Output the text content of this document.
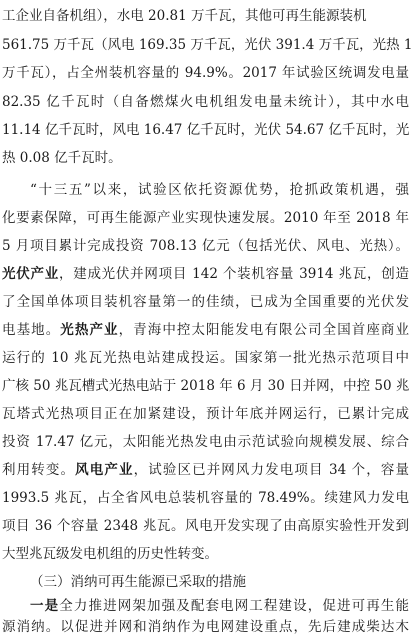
工企业自备机组），水电 20.81 万千瓦，其他可再生能源装机
561.75 万千瓦（风电 169.35 万千瓦，光伏 391.4 万千瓦，光热 1
万千瓦），占全州装机容量的 94.9%。2017 年试验区统调发电量
82.35 亿千瓦时（自备燃煤火电机组发电量未统计），其中水电
11.14 亿千瓦时，风电 16.47 亿千瓦时，光伏 54.67 亿千瓦时，光
热 0.08 亿千瓦时。
“十三五”以来，试验区依托资源优势，抢抓政策机遇，强
化要素保障，可再生能源产业实现快速发展。2010 年至 2018 年
5 月项目累计完成投资 708.13 亿元（包括光伏、风电、光热）。
光伏产业，建成光伏并网项目 142 个装机容量 3914 兆瓦，创造
了全国单体项目装机容量第一的佳绩，已成为全国重要的光伏发
电基地。光热产业，青海中控太阳能发电有限公司全国首座商业
运行的 10 兆瓦光热电站建成投运。国家第一批光热示范项目中
广核 50 兆瓦槽式光热电站于 2018 年 6 月 30 日并网，中控 50 兆
瓦塔式光热项目正在加紧建设，预计年底并网运行，已累计完成
投资 17.47 亿元，太阳能光热发电由示范试验向规模发展、综合
利用转变。风电产业，试验区已并网风力发电项目 34 个，容量
1993.5 兆瓦，占全省风电总装机容量的 78.49%。续建风力发电
项目 36 个容量 2348 兆瓦。风电开发实现了由高原实验性开发到
大型兆瓦级发电机组的历史性转变。
（三）消纳可再生能源已采取的措施
一是全力推进网架加强及配套电网工程建设，促进可再生能
源消纳。以促进并网和消纳作为电网建设重点，先后建成柴达木
